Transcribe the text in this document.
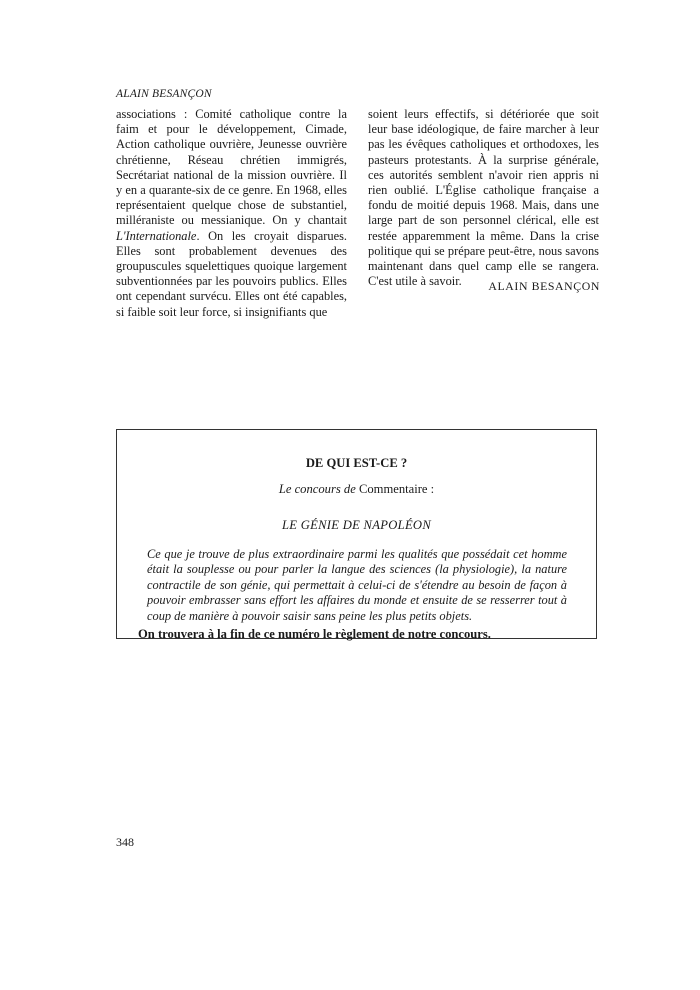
ALAIN BESANÇON

associations : Comité catholique contre la faim et pour le développement, Cimade, Action catholique ouvrière, Jeunesse ouvrière chrétienne, Réseau chrétien immigrés, Secrétariat national de la mission ouvrière. Il y en a quarante-six de ce genre. En 1968, elles représentaient quelque chose de substantiel, milléraniste ou messianique. On y chantait L'Internationale. On les croyait disparues. Elles sont probablement devenues des groupuscules squelettiques quoique largement subventionnées par les pouvoirs publics. Elles ont cependant survécu. Elles ont été capables, si faible soit leur force, si insignifiants que

soient leurs effectifs, si détériorée que soit leur base idéologique, de faire marcher à leur pas les évêques catholiques et orthodoxes, les pasteurs protestants. À la surprise générale, ces autorités semblent n'avoir rien appris ni rien oublié. L'Église catholique française a fondu de moitié depuis 1968. Mais, dans une large part de son personnel clérical, elle est restée apparemment la même. Dans la crise politique qui se prépare peut-être, nous savons maintenant dans quel camp elle se rangera. C'est utile à savoir.	ALAIN BESANÇON
DE QUI EST-CE ?
Le concours de Commentaire :
LE GÉNIE DE NAPOLÉON

Ce que je trouve de plus extraordinaire parmi les qualités que possédait cet homme était la souplesse ou pour parler la langue des sciences (la physiologie), la nature contractile de son génie, qui permettait à celui-ci de s'étendre au besoin de façon à pouvoir embrasser sans effort les affaires du monde et ensuite de se resserrer tout à coup de manière à pouvoir saisir sans peine les plus petits objets.

On trouvera à la fin de ce numéro le règlement de notre concours.
348
